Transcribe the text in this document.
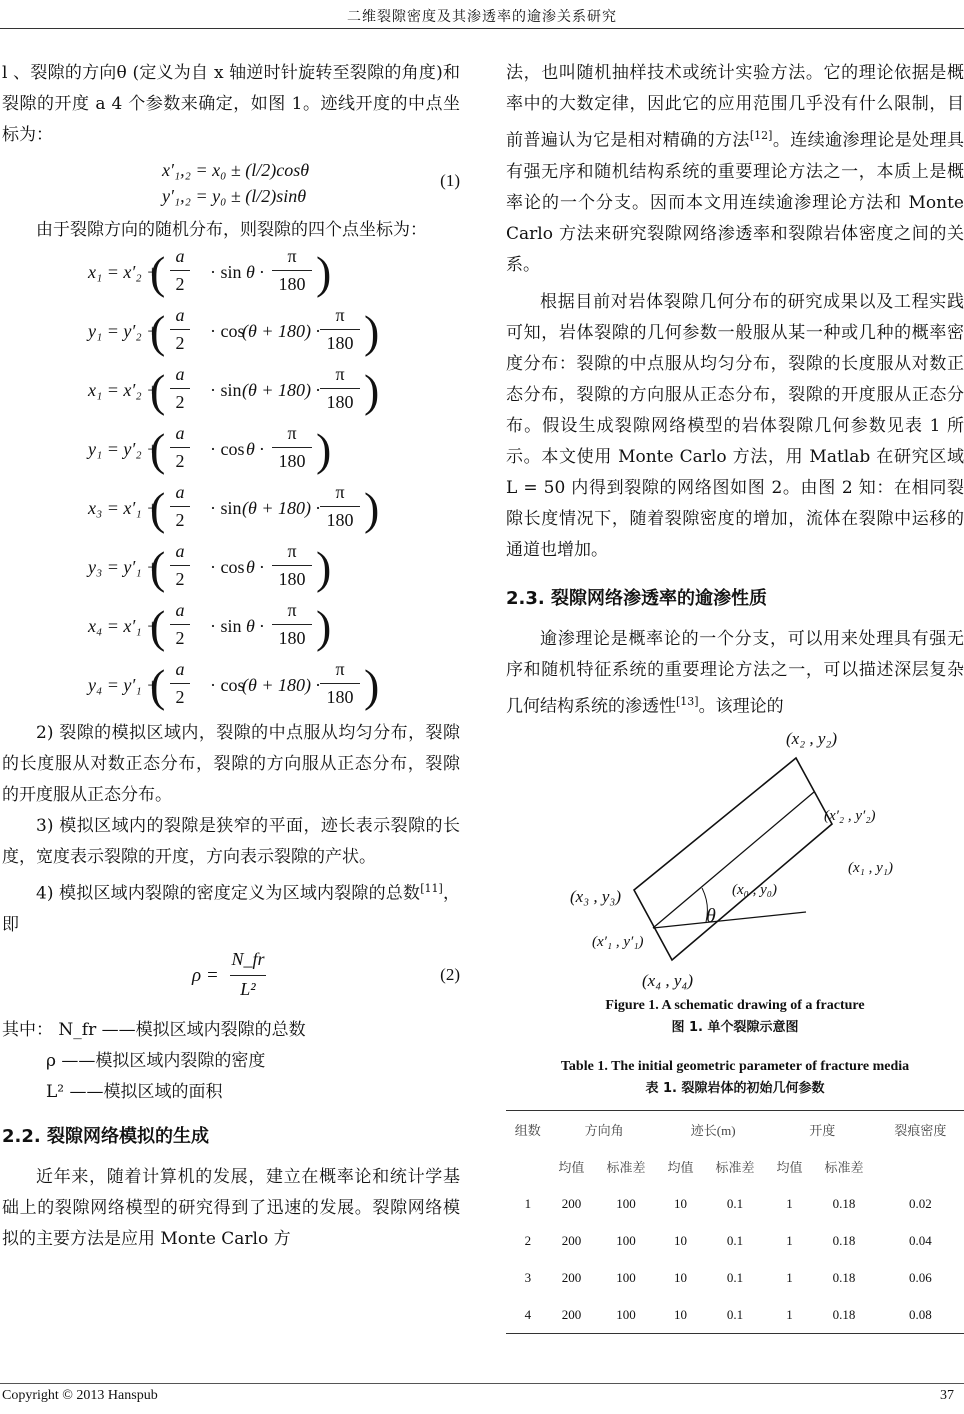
二维裂隙密度及其渗透率的逾渗关系研究

l 、裂隙的方向θ (定义为自 x 轴逆时针旋转至裂隙的角度)和裂隙的开度 a 4 个参数来确定，如图 1。迹线开度的中点坐标为：

x′₁,₂ = x₀ ± (l/2)cosθ
y′₁,₂ = y₀ ± (l/2)sinθ
(1)

由于裂隙方向的随机分布，则裂隙的四个点坐标为：

x₁ = x′₂ +
( a
2
· sin θ ·
π
180 )
y₁ = y′₂ +
( a
2
· cos
(θ + 180) ·
π
180 )
x₁ = x′₂ +
( a
2
· sin (θ + 180) ·
π
180 )
y₁ = y′₂ +
( a
2
· cos θ ·
π
180 )
x₃ = x′₁ +
( a
2
· sin (θ + 180) ·
π
180 )
y₃ = y′₁ +
( a
2
· cos θ ·
π
180 )
x₄ = x′₁ +
( a
2
· sin θ ·
π
180 )
y₄ = y′₁ +
( a
2
· cos
(θ + 180) ·
π
180 )

2) 裂隙的模拟区域内，裂隙的中点服从均匀分布，裂隙的长度服从对数正态分布，裂隙的方向服从正态分布，裂隙的开度服从正态分布。

3) 模拟区域内的裂隙是狭窄的平面，迹长表示裂隙的长度，宽度表示裂隙的开度，方向表示裂隙的产状。

4) 模拟区域内裂隙的密度定义为区域内裂隙的总数[11]，即

ρ =
N_fr
L²
(2)
其中： N_fr ——模拟区域内裂隙的总数
ρ ——模拟区域内裂隙的密度
L² ——模拟区域的面积
2.2. 裂隙网络模拟的生成

近年来，随着计算机的发展，建立在概率论和统计学基础上的裂隙网络模型的研究得到了迅速的发展。裂隙网络模拟的主要方法是应用 Monte Carlo 方

法，也叫随机抽样技术或统计实验方法。它的理论依据是概率中的大数定律，因此它的应用范围几乎没有什么限制，目前普遍认为它是相对精确的方法[12]。连续逾渗理论是处理具有强无序和随机结构系统的重要理论方法之一，本质上是概率论的一个分支。因而本文用连续逾渗理论方法和 Monte Carlo 方法来研究裂隙网络渗透率和裂隙岩体密度之间的关系。

根据目前对岩体裂隙几何分布的研究成果以及工程实践可知，岩体裂隙的几何参数一般服从某一种或几种的概率密度分布：裂隙的中点服从均匀分布，裂隙的长度服从对数正态分布，裂隙的方向服从正态分布，裂隙的开度服从正态分布。假设生成裂隙网络模型的岩体裂隙几何参数见表 1 所示。本文使用 Monte Carlo 方法，用 Matlab 在研究区域 L = 50 内得到裂隙的网络图如图 2。由图 2 知：在相同裂隙长度情况下，随着裂隙密度的增加，流体在裂隙中运移的通道也增加。

2.3. 裂隙网络渗透率的逾渗性质

逾渗理论是概率论的一个分支，可以用来处理具有强无序和随机特征系统的重要理论方法之一，可以描述深层复杂几何结构系统的渗透性[13]。该理论的

(x₂ , y₂)
(x′₂ , y′₂)
(x₁ , y₁)
(x₀ , y₀)
(x₃ , y₃)
(x′₁ , y′₁)
(x₄ , y₄)
θ
Figure 1. A schematic drawing of a fracture
图 1. 单个裂隙示意图
Table 1. The initial geometric parameter of fracture media
表 1. 裂隙岩体的初始几何参数
组数	方向角		迹长(m)		开度		裂痕密度
	均值	标准差	均值	标准差	均值	标准差	
1	200	100	10	0.1	1	0.18	0.02
2	200	100	10	0.1	1	0.18	0.04
3	200	100	10	0.1	1	0.18	0.06
4	200	100	10	0.1	1	0.18	0.08
Copyright © 2013 Hanspub	37
